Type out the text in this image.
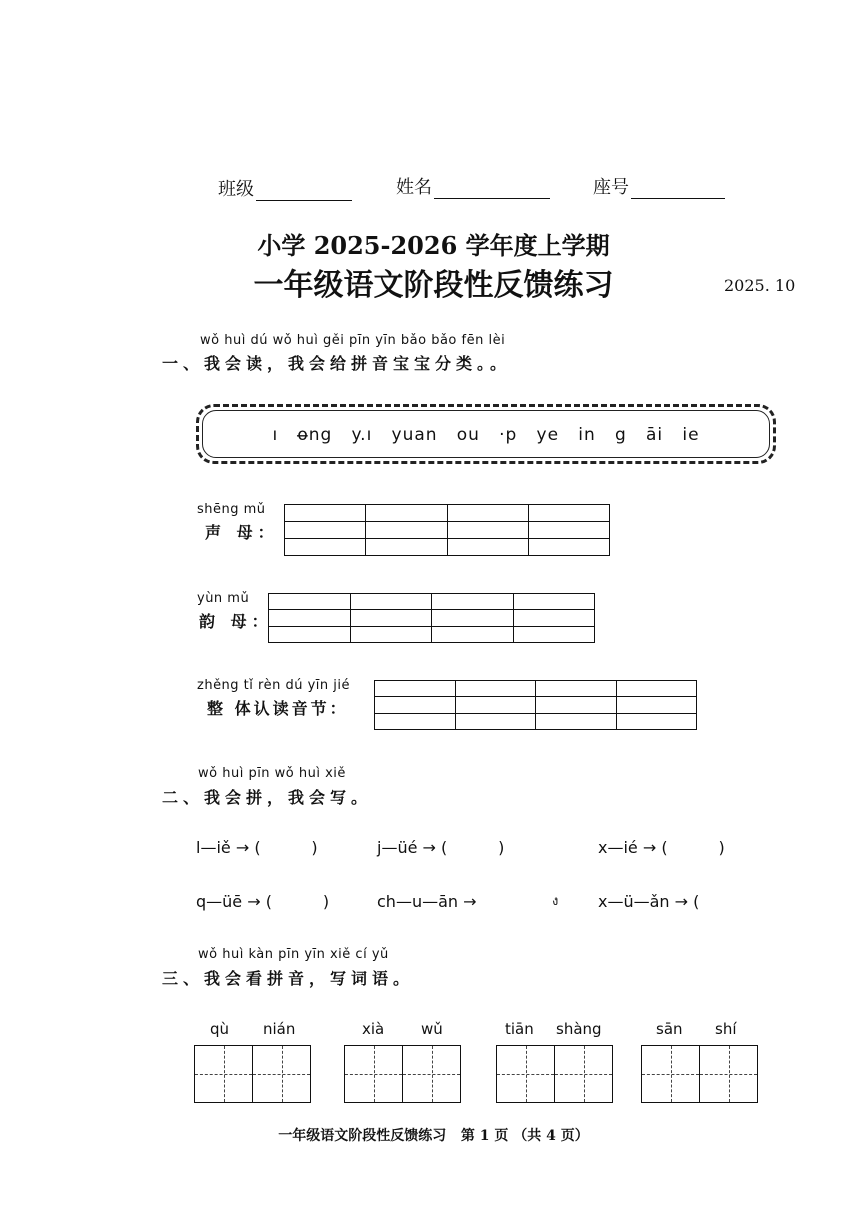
班级	姓名	座号
小学 2025-2026 学年度上学期
一年级语文阶段性反馈练习	2025. 10
wǒ huì dú wǒ huì gěi pīn yīn bǎo bǎo fēn lèi
一、我会读，我会给拼音宝宝分类。。
ı   o̶ng   y.ı   yuan   ou   ·p   ye   in   g   āi   ie
shēng mǔ
声 母：

yùn mǔ
韵 母：

zhěng tǐ rèn dú yīn jié
整 体认读音节：

wǒ huì pīn wǒ huì xiě
二、我会拼，我会写。
l—iě → (          )	j—üé → (          )	x—ié → (          )
q—üē → (          )	ch—u—ān →	ง x—ü—ǎn → (
wǒ huì kàn pīn yīn xiě cí yǔ
三、我会看拼音，写词语。
qù nián	xià wǔ	tiān shàng	sān shí
一年级语文阶段性反馈练习   第 1 页 （共 4 页）
